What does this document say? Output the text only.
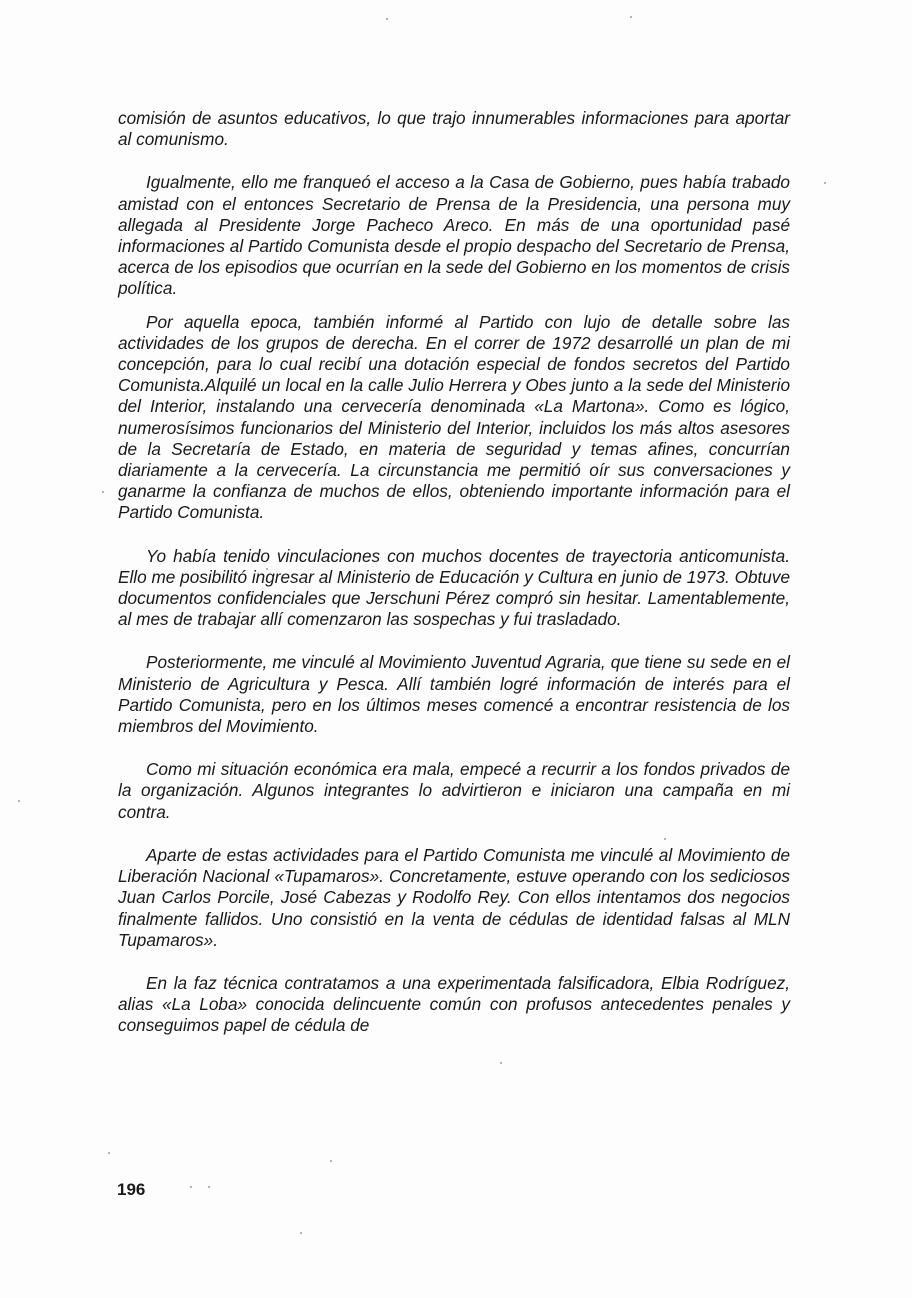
comisión de asuntos educativos, lo que trajo innumerables informaciones para aportar al comunismo.

Igualmente, ello me franqueó el acceso a la Casa de Gobierno, pues había trabado amistad con el entonces Secretario de Prensa de la Presidencia, una persona muy allegada al Presidente Jorge Pacheco Areco. En más de una oportunidad pasé informaciones al Partido Comunista desde el propio despacho del Secretario de Prensa, acerca de los episodios que ocurrían en la sede del Gobierno en los momentos de crisis política.

Por aquella epoca, también informé al Partido con lujo de detalle sobre las actividades de los grupos de derecha. En el correr de 1972 desarrollé un plan de mi concepción, para lo cual recibí una dotación especial de fondos secretos del Partido Comunista.Alquilé un local en la calle Julio Herrera y Obes junto a la sede del Ministerio del Interior, instalando una cervecería denominada «La Martona». Como es lógico, numerosísimos funcionarios del Ministerio del Interior, incluidos los más altos asesores de la Secretaría de Estado, en materia de seguridad y temas afines, concurrían diariamente a la cervecería. La circunstancia me permitió oír sus conversaciones y ganarme la confianza de muchos de ellos, obteniendo importante información para el Partido Comunista.

Yo había tenido vinculaciones con muchos docentes de trayectoria anticomunista. Ello me posibilitó ingresar al Ministerio de Educación y Cultura en junio de 1973. Obtuve documentos confidenciales que Jerschuni Pérez compró sin hesitar. Lamentablemente, al mes de trabajar allí comenzaron las sospechas y fui trasladado.

Posteriormente, me vinculé al Movimiento Juventud Agraria, que tiene su sede en el Ministerio de Agricultura y Pesca. Allí también logré información de interés para el Partido Comunista, pero en los últimos meses comencé a encontrar resistencia de los miembros del Movimiento.

Como mi situación económica era mala, empecé a recurrir a los fondos privados de la organización. Algunos integrantes lo advirtieron e iniciaron una campaña en mi contra.

Aparte de estas actividades para el Partido Comunista me vinculé al Movimiento de Liberación Nacional «Tupamaros». Concretamente, estuve operando con los sediciosos Juan Carlos Porcile, José Cabezas y Rodolfo Rey. Con ellos intentamos dos negocios finalmente fallidos. Uno consistió en la venta de cédulas de identidad falsas al MLN Tupamaros».

En la faz técnica contratamos a una experimentada falsificadora, Elbia Rodríguez, alias «La Loba» conocida delincuente común con profusos antecedentes penales y conseguimos papel de cédula de

196
